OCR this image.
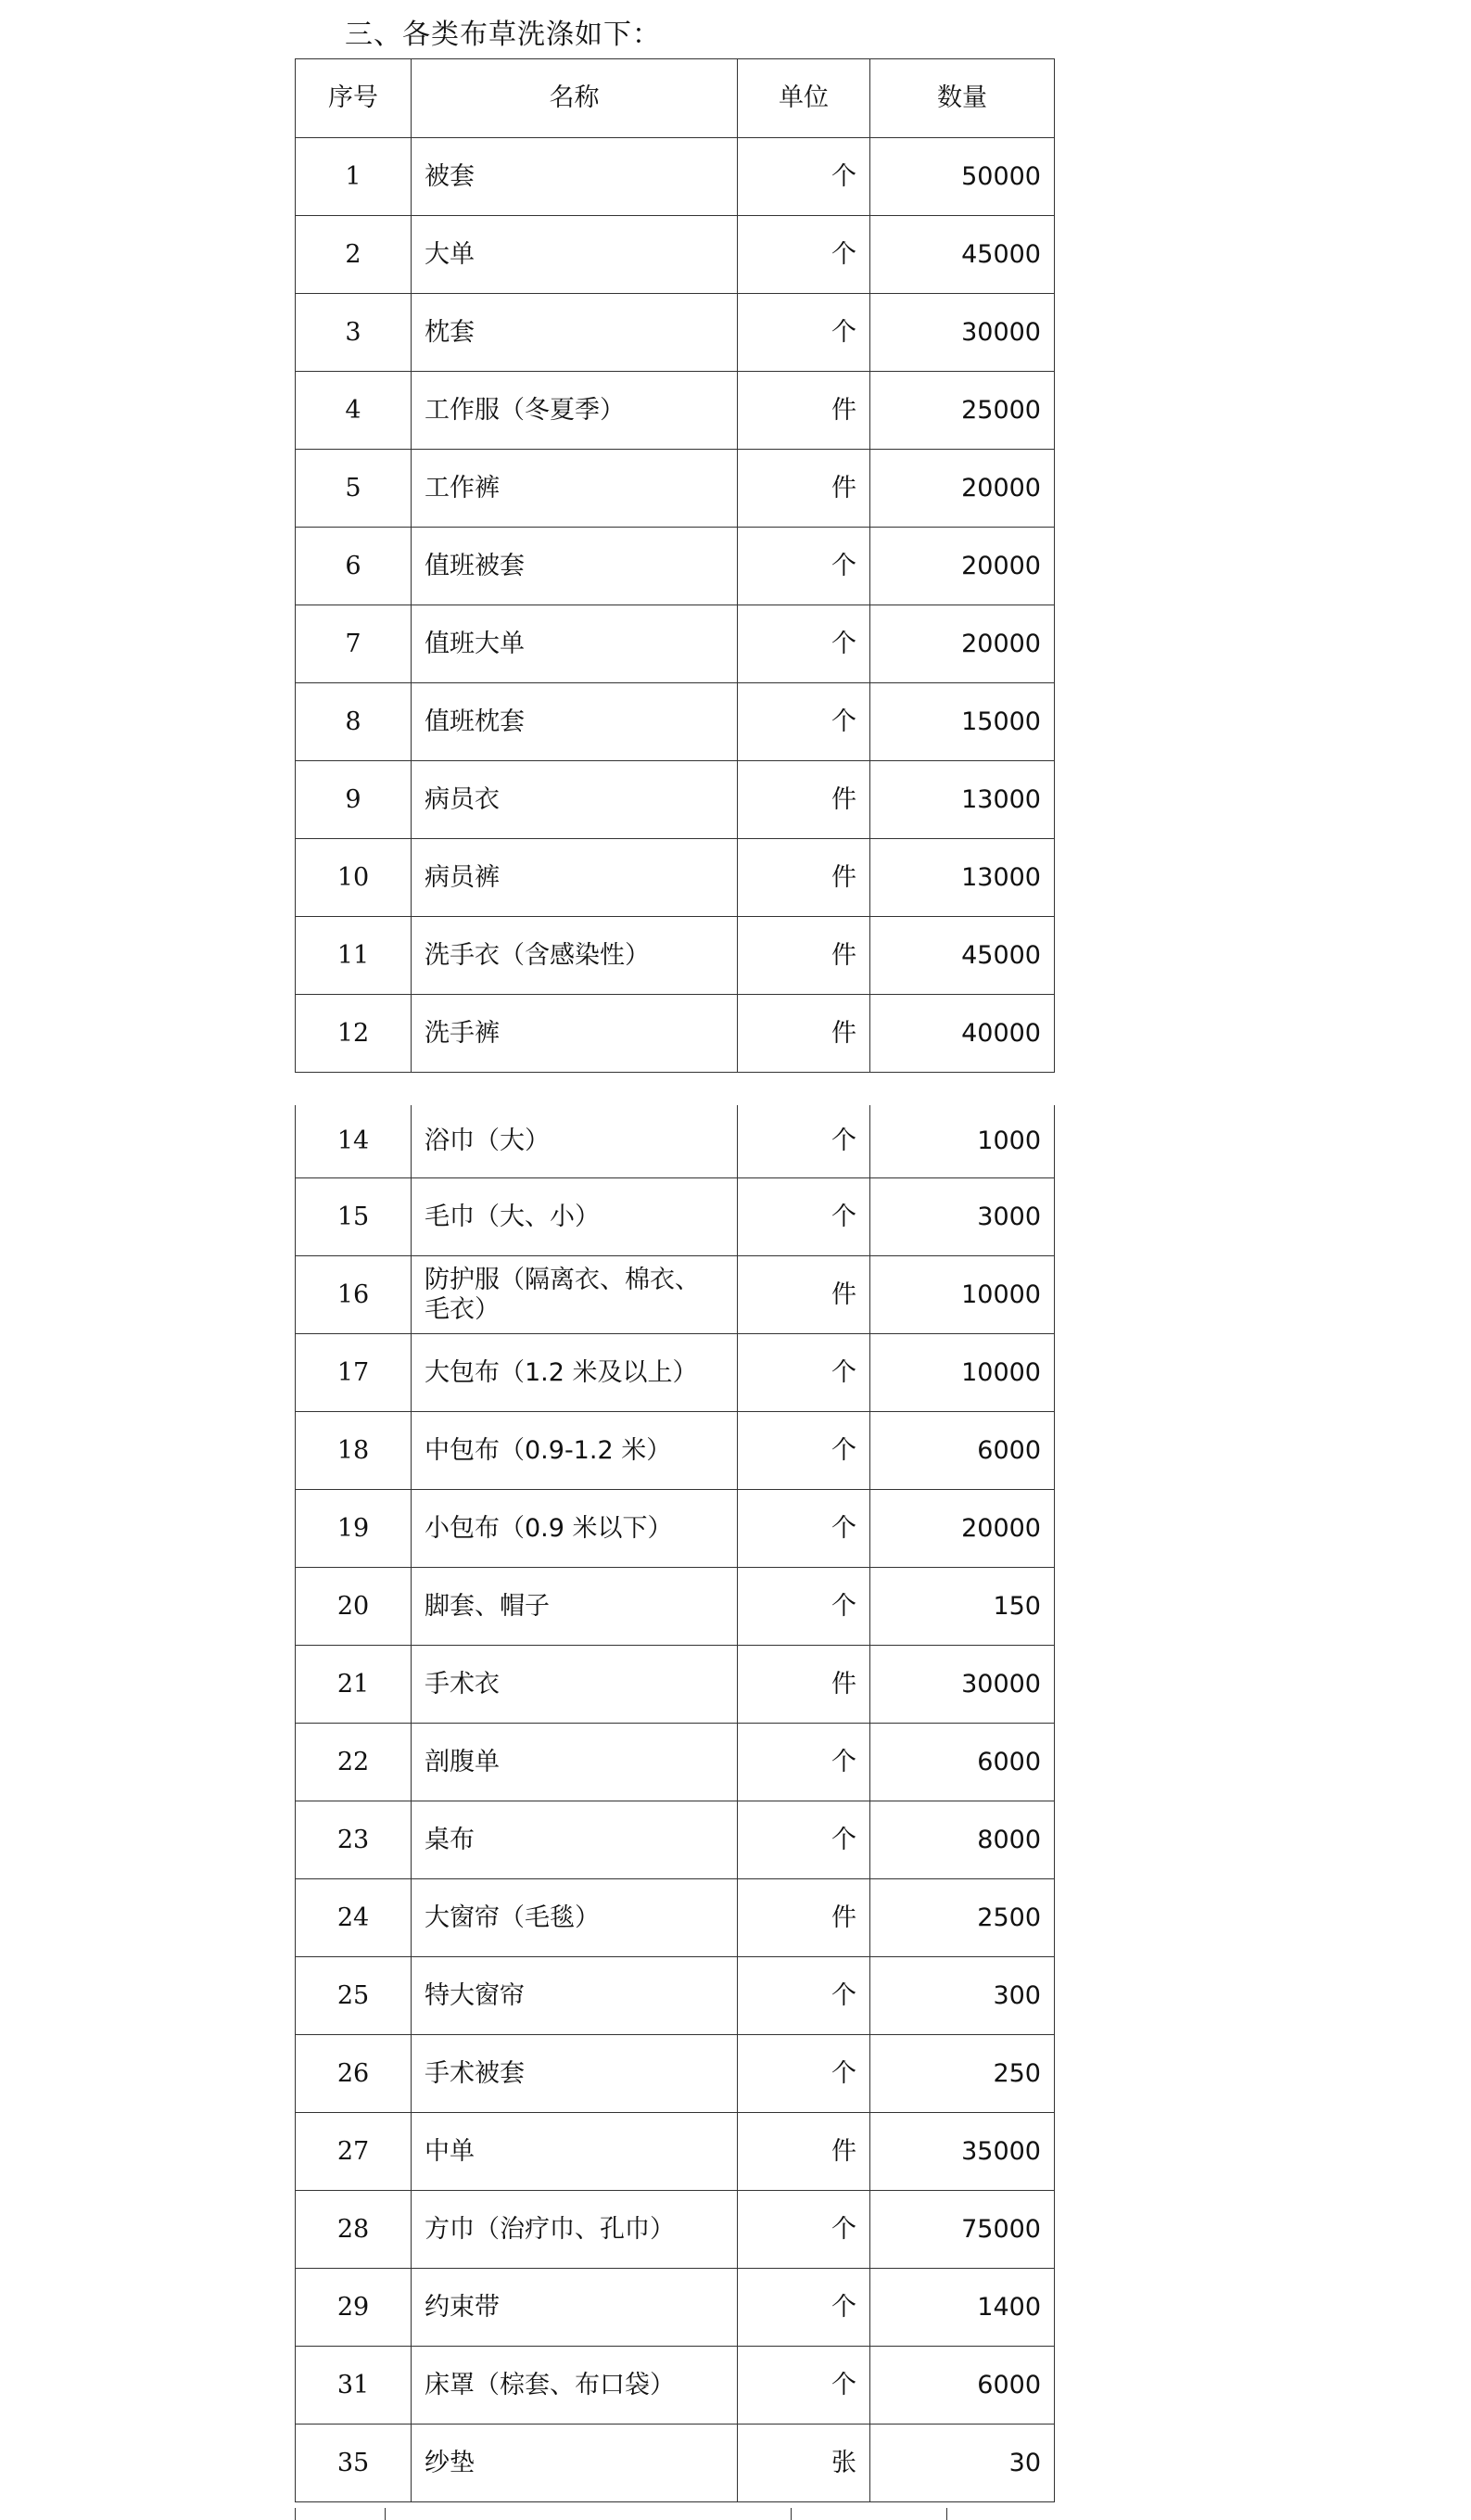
三、各类布草洗涤如下：
序号	名称	单位	数量
1	被套	个	50000
2	大单	个	45000
3	枕套	个	30000
4	工作服（冬夏季）	件	25000
5	工作裤	件	20000
6	值班被套	个	20000
7	值班大单	个	20000
8	值班枕套	个	15000
9	病员衣	件	13000
10	病员裤	件	13000
11	洗手衣（含感染性）	件	45000
12	洗手裤	件	40000
14	浴巾（大）	个	1000
15	毛巾（大、小）	个	3000
16	防护服（隔离衣、棉衣、毛衣）	件	10000
17	大包布（1.2 米及以上）	个	10000
18	中包布（0.9-1.2 米）	个	6000
19	小包布（0.9 米以下）	个	20000
20	脚套、帽子	个	150
21	手术衣	件	30000
22	剖腹单	个	6000
23	桌布	个	8000
24	大窗帘（毛毯）	件	2500
25	特大窗帘	个	300
26	手术被套	个	250
27	中单	件	35000
28	方巾（治疗巾、孔巾）	个	75000
29	约束带	个	1400
31	床罩（棕套、布口袋）	个	6000
35	纱垫	张	30
